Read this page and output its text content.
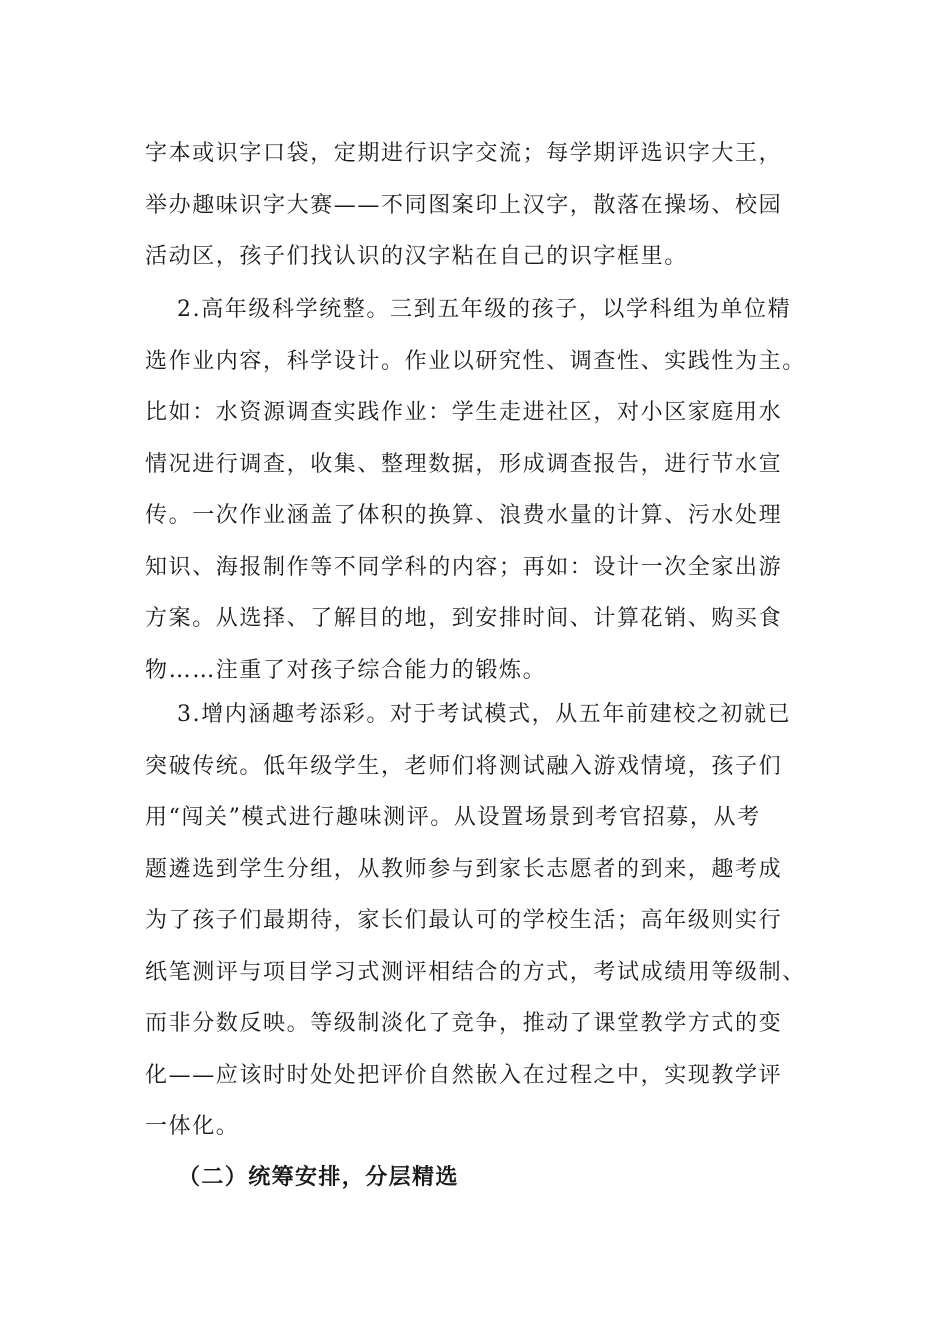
字本或识字口袋，定期进行识字交流；每学期评选识字大王，
举办趣味识字大赛——不同图案印上汉字，散落在操场、校园
活动区，孩子们找认识的汉字粘在自己的识字框里。
2.高年级科学统整。三到五年级的孩子，以学科组为单位精
选作业内容，科学设计。作业以研究性、调查性、实践性为主。
比如：水资源调查实践作业：学生走进社区，对小区家庭用水
情况进行调查，收集、整理数据，形成调查报告，进行节水宣
传。一次作业涵盖了体积的换算、浪费水量的计算、污水处理
知识、海报制作等不同学科的内容；再如：设计一次全家出游
方案。从选择、了解目的地，到安排时间、计算花销、购买食
物……注重了对孩子综合能力的锻炼。
3.增内涵趣考添彩。对于考试模式，从五年前建校之初就已
突破传统。低年级学生，老师们将测试融入游戏情境，孩子们
用“闯关”模式进行趣味测评。从设置场景到考官招募，从考
题遴选到学生分组，从教师参与到家长志愿者的到来，趣考成
为了孩子们最期待，家长们最认可的学校生活；高年级则实行
纸笔测评与项目学习式测评相结合的方式，考试成绩用等级制、
而非分数反映。等级制淡化了竞争，推动了课堂教学方式的变
化——应该时时处处把评价自然嵌入在过程之中，实现教学评
一体化。
（二）统筹安排，分层精选
